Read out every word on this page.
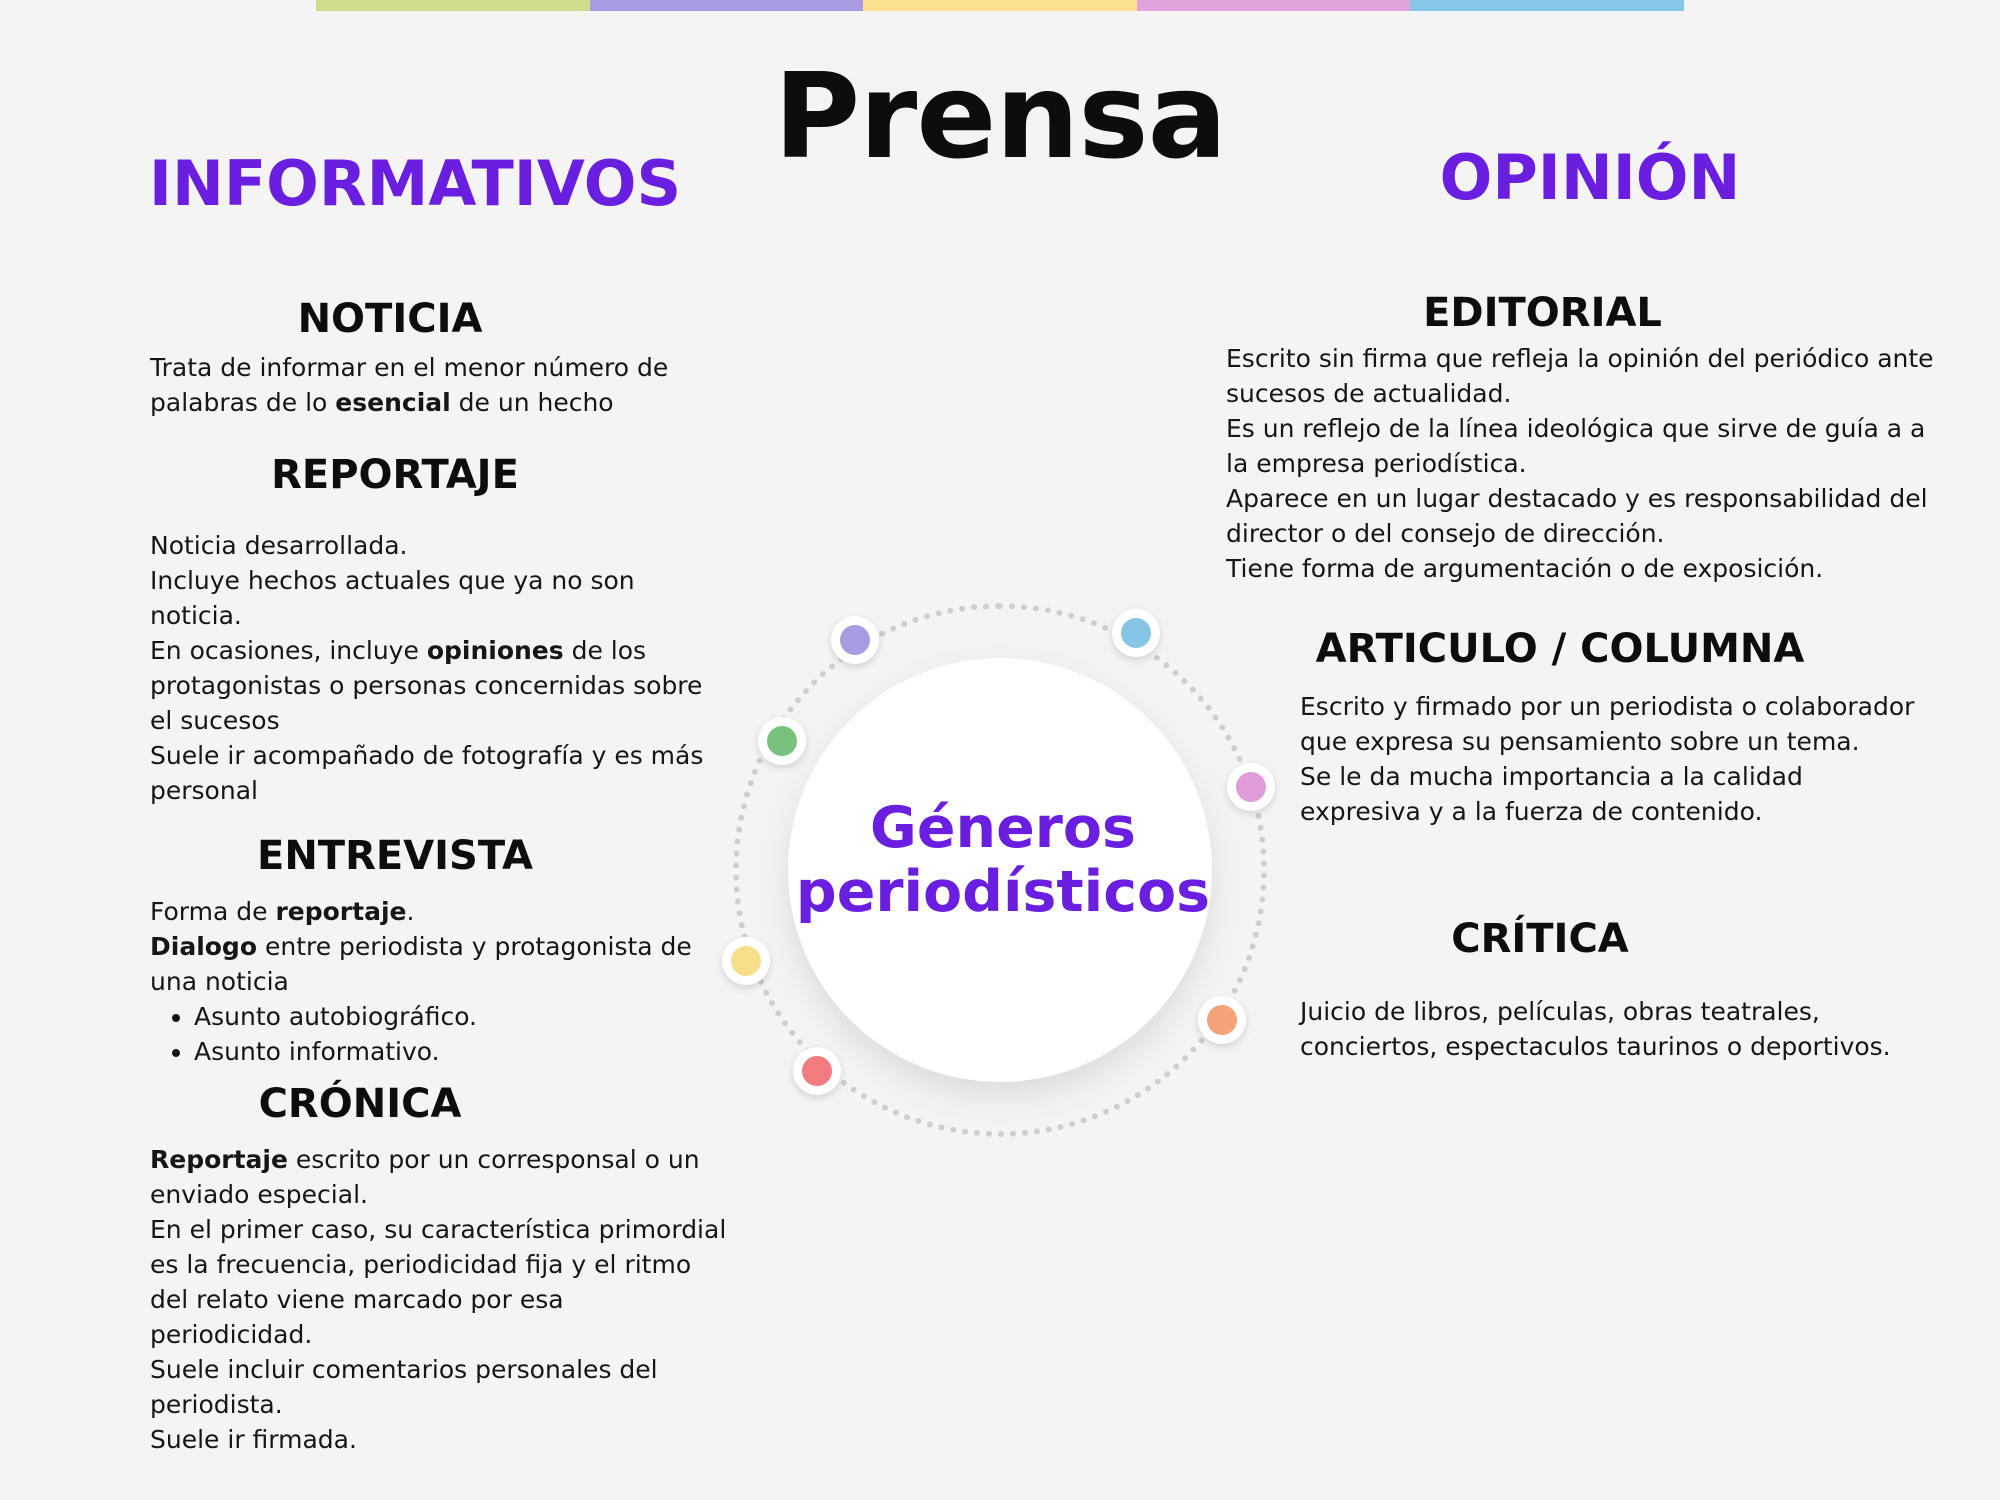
Prensa
INFORMATIVOS	OPINIÓN
NOTICIA

Trata de informar en el menor número de
palabras de lo esencial de un hecho

REPORTAJE

Noticia desarrollada.

Incluye hechos actuales que ya no son noticia.

En ocasiones, incluye opiniones de los protagonistas o personas concernidas sobre el sucesos

Suele ir acompañado de fotografía y es más personal

ENTREVISTA

Forma de reportaje.

Dialogo entre periodista y protagonista de una noticia

• Asunto autobiográfico.
• Asunto informativo.
CRÓNICA

Reportaje escrito por un corresponsal o un enviado especial.

En el primer caso, su característica primordial es la frecuencia, periodicidad fija y el ritmo del relato viene marcado por esa periodicidad.

Suele incluir comentarios personales del periodista.

Suele ir firmada.

EDITORIAL

Escrito sin firma que refleja la opinión del periódico ante sucesos de actualidad.

Es un reflejo de la línea ideológica que sirve de guía a a la empresa periodística.

Aparece en un lugar destacado y es responsabilidad del director o del consejo de dirección.

Tiene forma de argumentación o de exposición.

ARTICULO / COLUMNA

Escrito y firmado por un periodista o colaborador que expresa su pensamiento sobre un tema.

Se le da mucha importancia a la calidad expresiva y a la fuerza de contenido.

CRÍTICA

Juicio de libros, películas, obras teatrales, conciertos, espectaculos taurinos o deportivos.

Géneros
periodísticos
